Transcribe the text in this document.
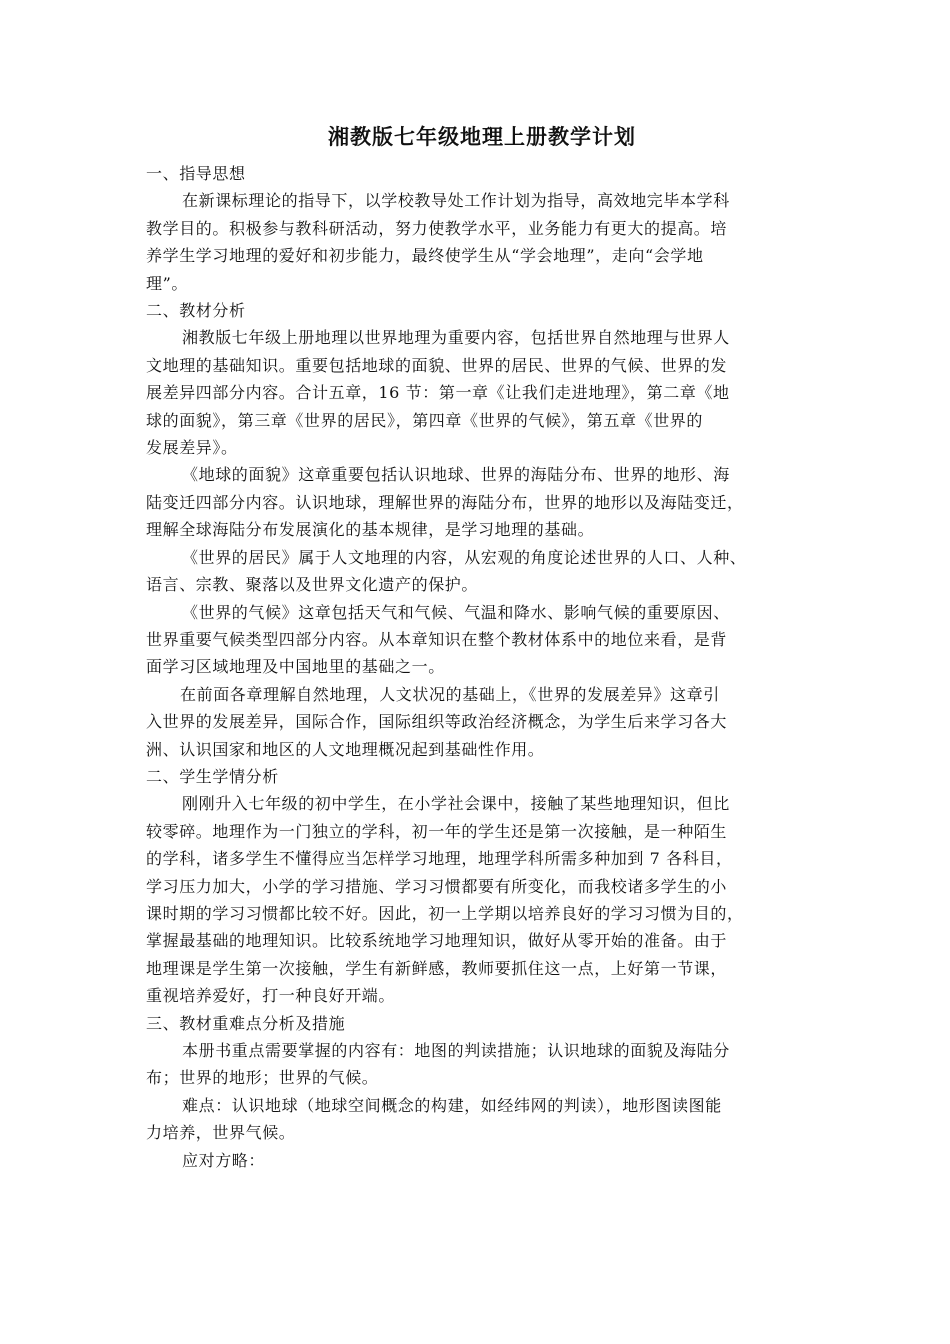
湘教版七年级地理上册教学计划
一、指导思想
在新课标理论的指导下，以学校教导处工作计划为指导，高效地完毕本学科
教学目的。积极参与教科研活动，努力使教学水平，业务能力有更大的提高。培
养学生学习地理的爱好和初步能力，最终使学生从“学会地理”，走向“会学地
理”。
二、教材分析
湘教版七年级上册地理以世界地理为重要内容，包括世界自然地理与世界人
文地理的基础知识。重要包括地球的面貌、世界的居民、世界的气候、世界的发
展差异四部分内容。合计五章，16 节：第一章《让我们走进地理》，第二章《地
球的面貌》，第三章《世界的居民》，第四章《世界的气候》，第五章《世界的
发展差异》。
《地球的面貌》这章重要包括认识地球、世界的海陆分布、世界的地形、海
陆变迁四部分内容。认识地球，理解世界的海陆分布，世界的地形以及海陆变迁，
理解全球海陆分布发展演化的基本规律，是学习地理的基础。
《世界的居民》属于人文地理的内容，从宏观的角度论述世界的人口、人种、
语言、宗教、聚落以及世界文化遗产的保护。
《世界的气候》这章包括天气和气候、气温和降水、影响气候的重要原因、
世界重要气候类型四部分内容。从本章知识在整个教材体系中的地位来看，是背
面学习区域地理及中国地里的基础之一。
在前面各章理解自然地理，人文状况的基础上，《世界的发展差异》这章引
入世界的发展差异，国际合作，国际组织等政治经济概念，为学生后来学习各大
洲、认识国家和地区的人文地理概况起到基础性作用。
二、学生学情分析
刚刚升入七年级的初中学生，在小学社会课中，接触了某些地理知识，但比
较零碎。地理作为一门独立的学科，初一年的学生还是第一次接触，是一种陌生
的学科，诸多学生不懂得应当怎样学习地理，地理学科所需多种加到 7 各科目，
学习压力加大，小学的学习措施、学习习惯都要有所变化，而我校诸多学生的小
课时期的学习习惯都比较不好。因此，初一上学期以培养良好的学习习惯为目的，
掌握最基础的地理知识。比较系统地学习地理知识，做好从零开始的准备。由于
地理课是学生第一次接触，学生有新鲜感，教师要抓住这一点，上好第一节课，
重视培养爱好，打一种良好开端。
三、教材重难点分析及措施
本册书重点需要掌握的内容有：地图的判读措施；认识地球的面貌及海陆分
布；世界的地形；世界的气候。
难点：认识地球（地球空间概念的构建，如经纬网的判读），地形图读图能
力培养，世界气候。
应对方略：
